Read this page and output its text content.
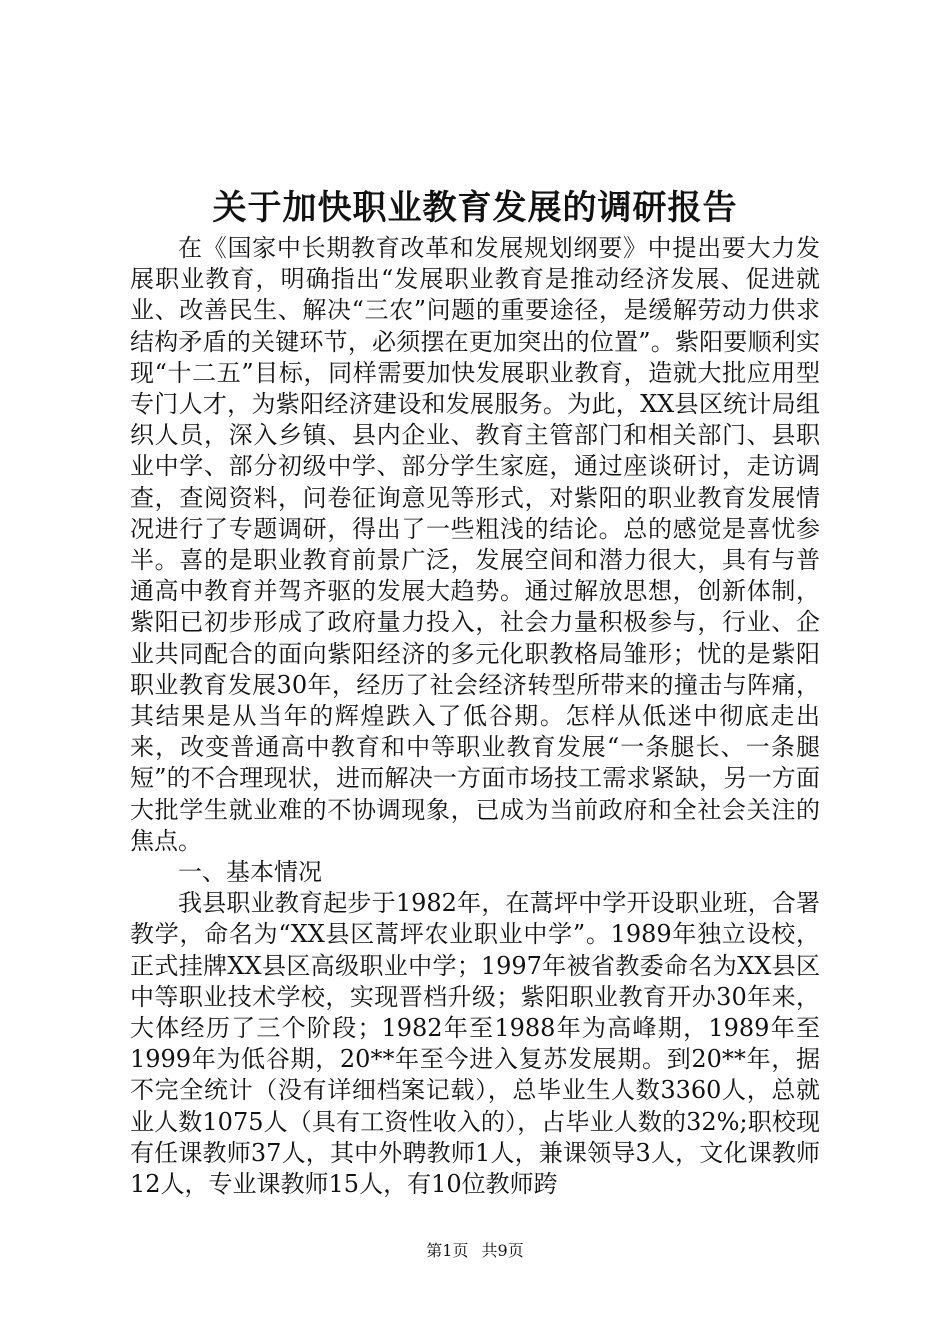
关于加快职业教育发展的调研报告

在《国家中长期教育改革和发展规划纲要》中提出要大力发展职业教育，明确指出“发展职业教育是推动经济发展、促进就业、改善民生、解决“三农”问题的重要途径，是缓解劳动力供求结构矛盾的关键环节，必须摆在更加突出的位置”。紫阳要顺利实现“十二五”目标，同样需要加快发展职业教育，造就大批应用型专门人才，为紫阳经济建设和发展服务。为此，XX县区统计局组织人员，深入乡镇、县内企业、教育主管部门和相关部门、县职业中学、部分初级中学、部分学生家庭，通过座谈研讨，走访调查，查阅资料，问卷征询意见等形式，对紫阳的职业教育发展情况进行了专题调研，得出了一些粗浅的结论。总的感觉是喜忧参半。喜的是职业教育前景广泛，发展空间和潜力很大，具有与普通高中教育并驾齐驱的发展大趋势。通过解放思想，创新体制，紫阳已初步形成了政府量力投入，社会力量积极参与，行业、企业共同配合的面向紫阳经济的多元化职教格局雏形；忧的是紫阳职业教育发展30年，经历了社会经济转型所带来的撞击与阵痛，其结果是从当年的辉煌跌入了低谷期。怎样从低迷中彻底走出来，改变普通高中教育和中等职业教育发展“一条腿长、一条腿短”的不合理现状，进而解决一方面市场技工需求紧缺，另一方面大批学生就业难的不协调现象，已成为当前政府和全社会关注的焦点。

一、基本情况

我县职业教育起步于1982年，在蒿坪中学开设职业班，合署教学，命名为“XX县区蒿坪农业职业中学”。1989年独立设校，正式挂牌XX县区高级职业中学；1997年被省教委命名为XX县区中等职业技术学校，实现晋档升级；紫阳职业教育开办30年来，大体经历了三个阶段；1982年至1988年为高峰期，1989年至1999年为低谷期，20**年至今进入复苏发展期。到20**年，据不完全统计（没有详细档案记载），总毕业生人数3360人，总就业人数1075人（具有工资性收入的），占毕业人数的32%;职校现有任课教师37人，其中外聘教师1人，兼课领导3人，文化课教师12人，专业课教师15人，有10位教师跨

第1页 共9页
